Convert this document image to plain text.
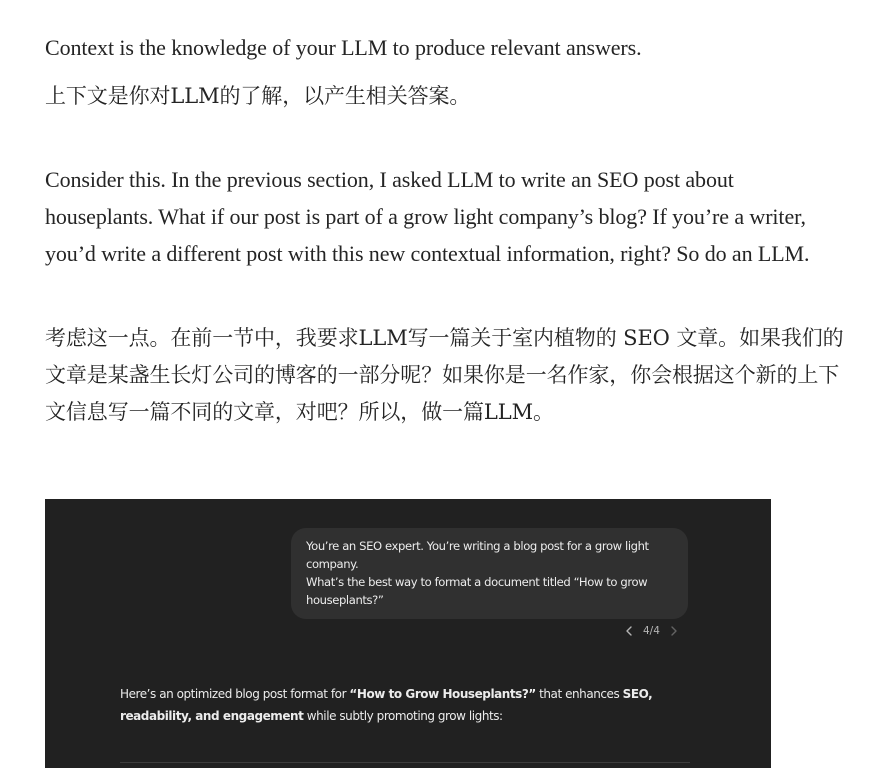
Context is the knowledge of your LLM to produce relevant answers.

上下文是你对LLM的了解，以产生相关答案。

Consider this. In the previous section, I asked LLM to write an SEO post about houseplants. What if our post is part of a grow light company’s blog? If you’re a writer, you’d write a different post with this new contextual information, right? So do an LLM.

考虑这一点。在前一节中，我要求LLM写一篇关于室内植物的 SEO 文章。如果我们的文章是某盏生长灯公司的博客的一部分呢？如果你是一名作家，你会根据这个新的上下文信息写一篇不同的文章，对吧？所以，做一篇LLM。

You’re an SEO expert. You’re writing a blog post for a grow light company.
What’s the best way to format a document titled “How to grow houseplants?”
4/4
Here’s an optimized blog post format for “How to Grow Houseplants?” that enhances SEO, readability, and engagement while subtly promoting grow lights:
